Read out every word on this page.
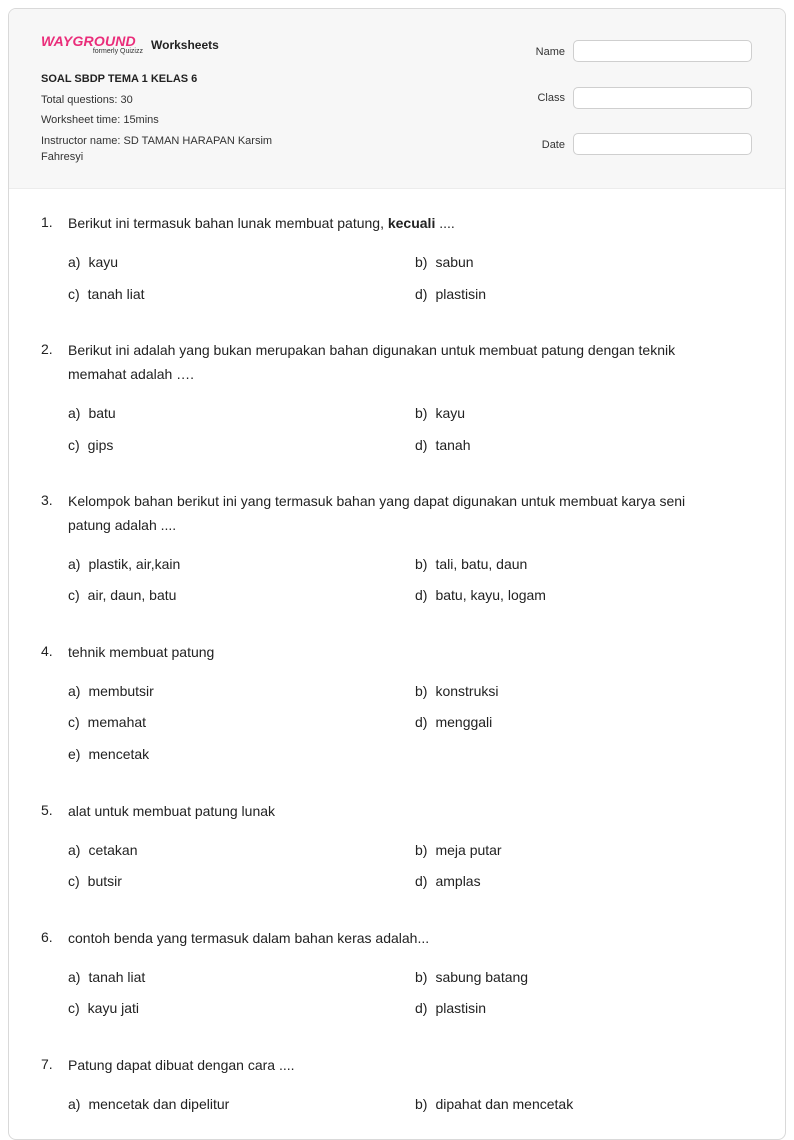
WAYGROUND
formerly Quizizz Worksheets
SOAL SBDP TEMA 1 KELAS 6
Total questions: 30
Worksheet time: 15mins
Instructor name: SD TAMAN HARAPAN Karsim Fahresyi
Name
Class
Date
1. Berikut ini termasuk bahan lunak membuat patung, kecuali ....
a) kayu	b) sabun
c) tanah liat	d) plastisin
2. Berikut ini adalah yang bukan merupakan bahan digunakan untuk membuat patung dengan teknik memahat adalah ….
a) batu	b) kayu
c) gips	d) tanah
3. Kelompok bahan berikut ini yang termasuk bahan yang dapat digunakan untuk membuat karya seni patung adalah ....
a) plastik, air,kain	b) tali, batu, daun
c) air, daun, batu	d) batu, kayu, logam
4. tehnik membuat patung
a) membutsir	b) konstruksi
c) memahat	d) menggali
e) mencetak
5. alat untuk membuat patung lunak
a) cetakan	b) meja putar
c) butsir	d) amplas
6. contoh benda yang termasuk dalam bahan keras adalah...
a) tanah liat	b) sabung batang
c) kayu jati	d) plastisin
7. Patung dapat dibuat dengan cara ....
a) mencetak dan dipelitur	b) dipahat dan mencetak
